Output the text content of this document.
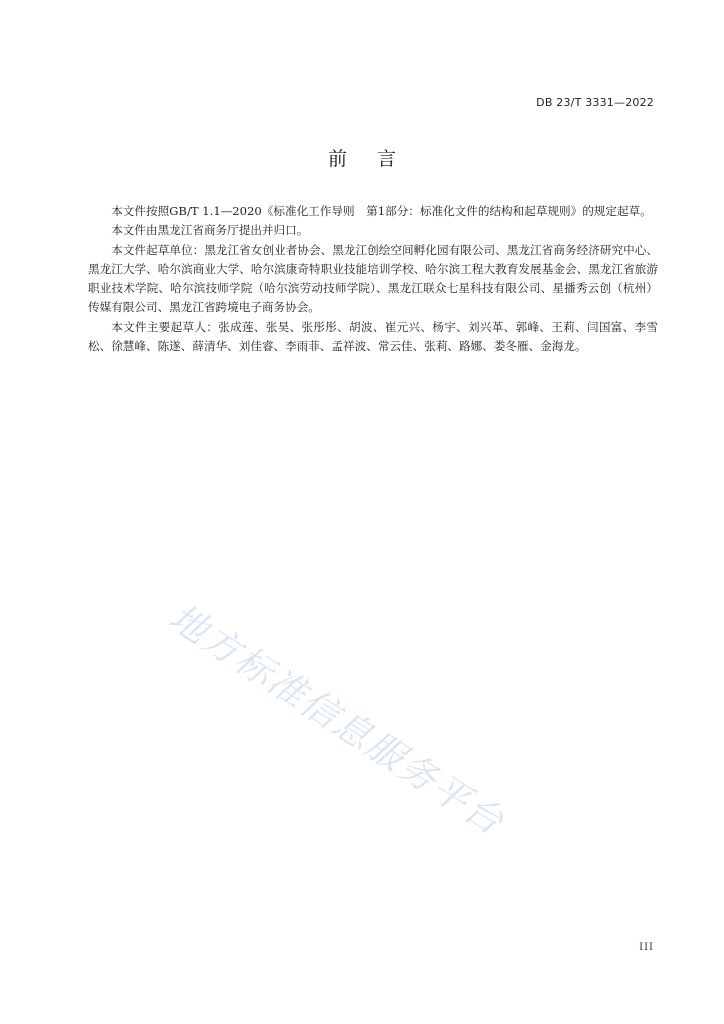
DB 23/T 3331—2022
前言

本文件按照GB/T 1.1—2020《标准化工作导则　第1部分：标准化文件的结构和起草规则》的规定起草。

本文件由黑龙江省商务厅提出并归口。

本文件起草单位：黑龙江省女创业者协会、黑龙江创绘空间孵化园有限公司、黑龙江省商务经济研究中心、黑龙江大学、哈尔滨商业大学、哈尔滨康奇特职业技能培训学校、哈尔滨工程大教育发展基金会、黑龙江省旅游职业技术学院、哈尔滨技师学院（哈尔滨劳动技师学院）、黑龙江联众七星科技有限公司、星播秀云创（杭州）传媒有限公司、黑龙江省跨境电子商务协会。

本文件主要起草人：张成莲、张昊、张彤彤、胡波、崔元兴、杨宇、刘兴革、郭峰、王莉、闫国富、李雪松、徐慧峰、陈遂、薛清华、刘佳睿、李雨菲、孟祥波、常云佳、张莉、路娜、娄冬雁、金海龙。

地方标准信息服务平台
III
